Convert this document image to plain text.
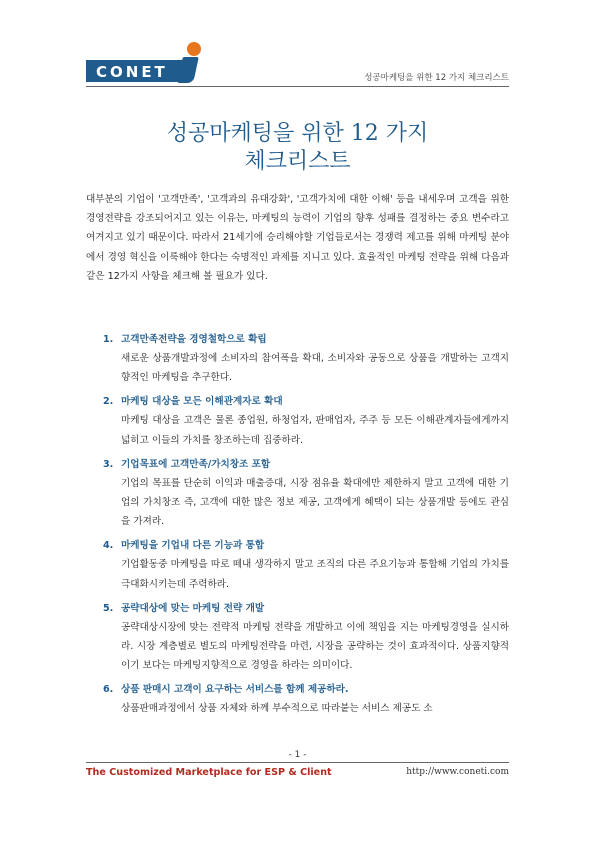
CONET	성공마케팅을 위한 12 가지 체크리스트
성공마케팅을 위한 12 가지
체크리스트
대부분의 기업이 '고객만족', '고객과의 유대강화', '고객가치에 대한 이해' 등을 내세우며 고객을 위한 경영전략을 강조되어지고 있는 이유는, 마케팅의 능력이 기업의 향후 성패를 결정하는 중요 변수라고 여겨지고 있기 때문이다. 따라서 21세기에 승리해야할 기업들로서는 경쟁력 제고를 위해 마케팅 분야에서 경영 혁신을 이룩해야 한다는 숙명적인 과제를 지니고 있다. 효율적인 마케팅 전략을 위해 다음과 같은 12가지 사항을 체크해 볼 필요가 있다.
1. 고객만족전략을 경영철학으로 확립
새로운 상품개발과정에 소비자의 참여폭을 확대, 소비자와 공동으로 상품을 개발하는 고객지향적인 마케팅을 추구한다.
2. 마케팅 대상을 모든 이해관계자로 확대
마케팅 대상을 고객은 물론 종업원, 하청업자, 판매업자, 주주 등 모든 이해관계자들에게까지 넓히고 이들의 가치를 창조하는데 집중하라.
3. 기업목표에 고객만족/가치창조 포함
기업의 목표를 단순히 이익과 매출증대, 시장 점유율 확대에만 제한하지 말고 고객에 대한 기업의 가치창조 즉, 고객에 대한 많은 정보 제공, 고객에게 혜택이 되는 상품개발 등에도 관심을 가져라.
4. 마케팅을 기업내 다른 기능과 통합
기업활동중 마케팅을 따로 떼내 생각하지 말고 조직의 다른 주요기능과 통합해 기업의 가치를 극대화시키는데 주력하라.
5. 공략대상에 맞는 마케팅 전략 개발
공략대상시장에 맞는 전략적 마케팅 전략을 개발하고 이에 책임을 지는 마케팅경영을 실시하라. 시장 계층별로 별도의 마케팅전략을 마련, 시장을 공략하는 것이 효과적이다. 상품지향적이기 보다는 마케팅지향적으로 경영을 하라는 의미이다.
6. 상품 판매시 고객이 요구하는 서비스를 함께 제공하라.
상품판매과정에서 상품 자체와 하께 부수적으로 따라붙는 서비스 제공도 소
- 1 -
The Customized Marketplace for ESP & Client	http://www.coneti.com
